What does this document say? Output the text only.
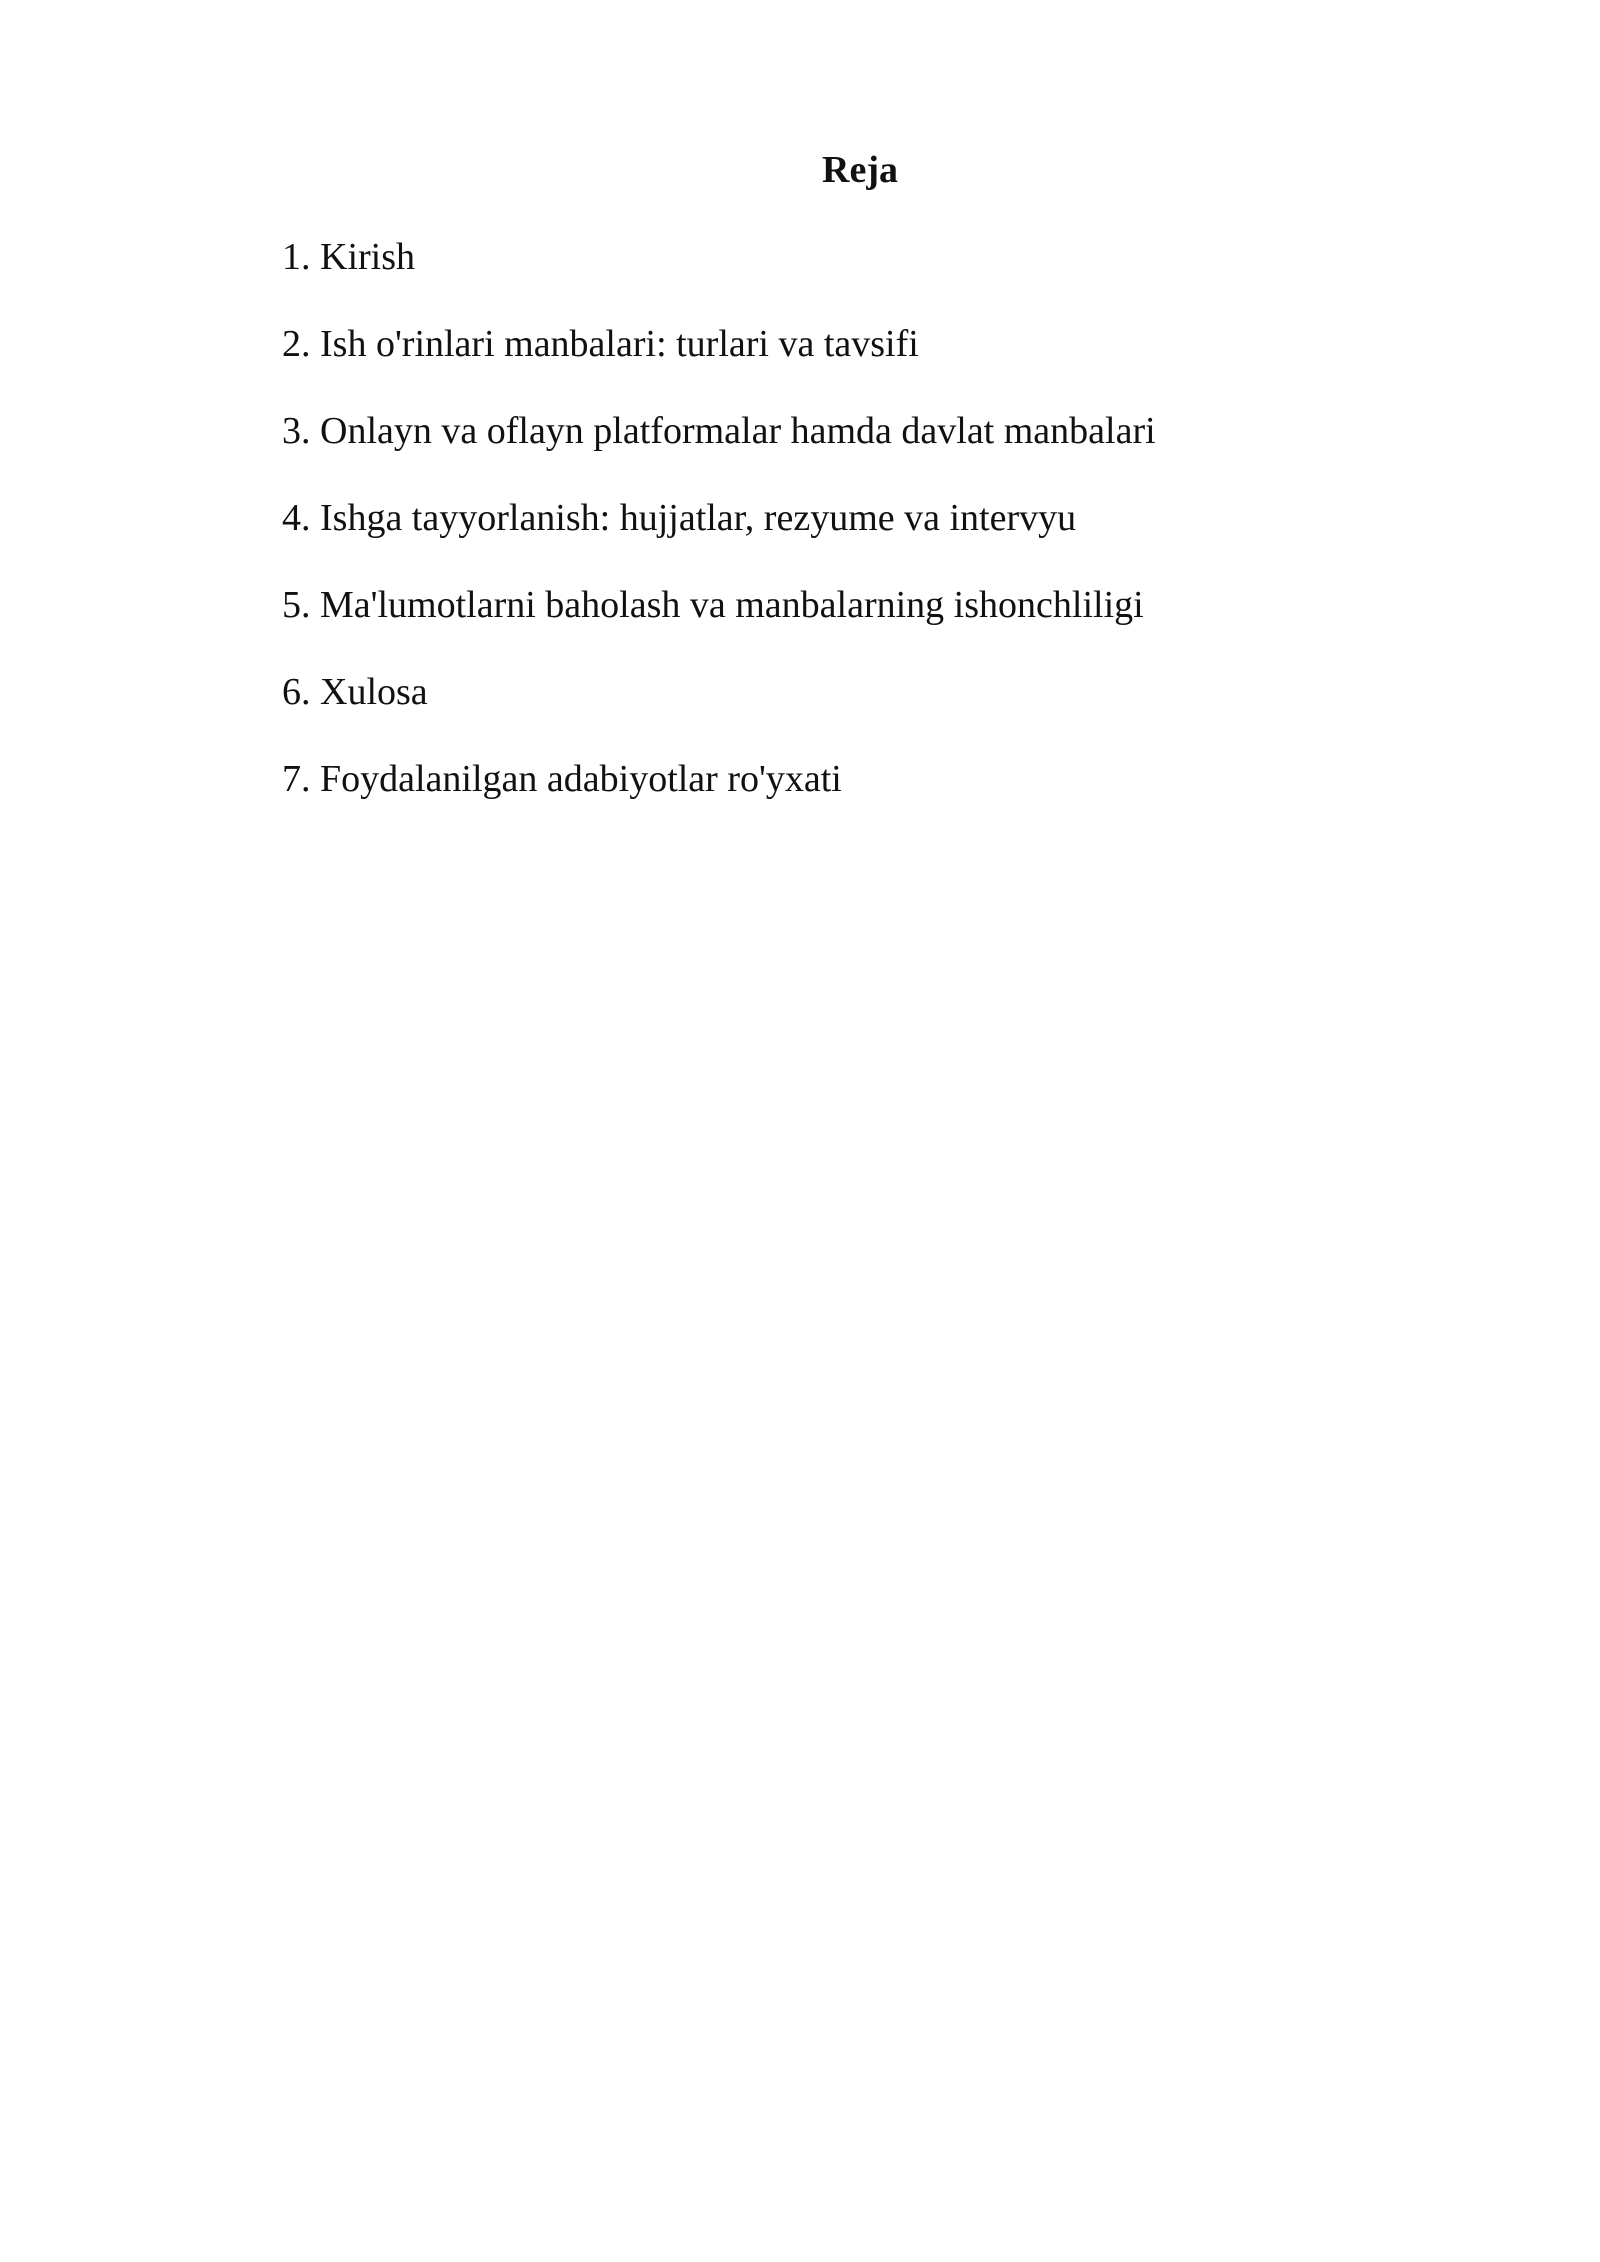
Reja
1. Kirish
2. Ish o'rinlari manbalari: turlari va tavsifi
3. Onlayn va oflayn platformalar hamda davlat manbalari
4. Ishga tayyorlanish: hujjatlar, rezyume va intervyu
5. Ma'lumotlarni baholash va manbalarning ishonchliligi
6. Xulosa
7. Foydalanilgan adabiyotlar ro'yxati
